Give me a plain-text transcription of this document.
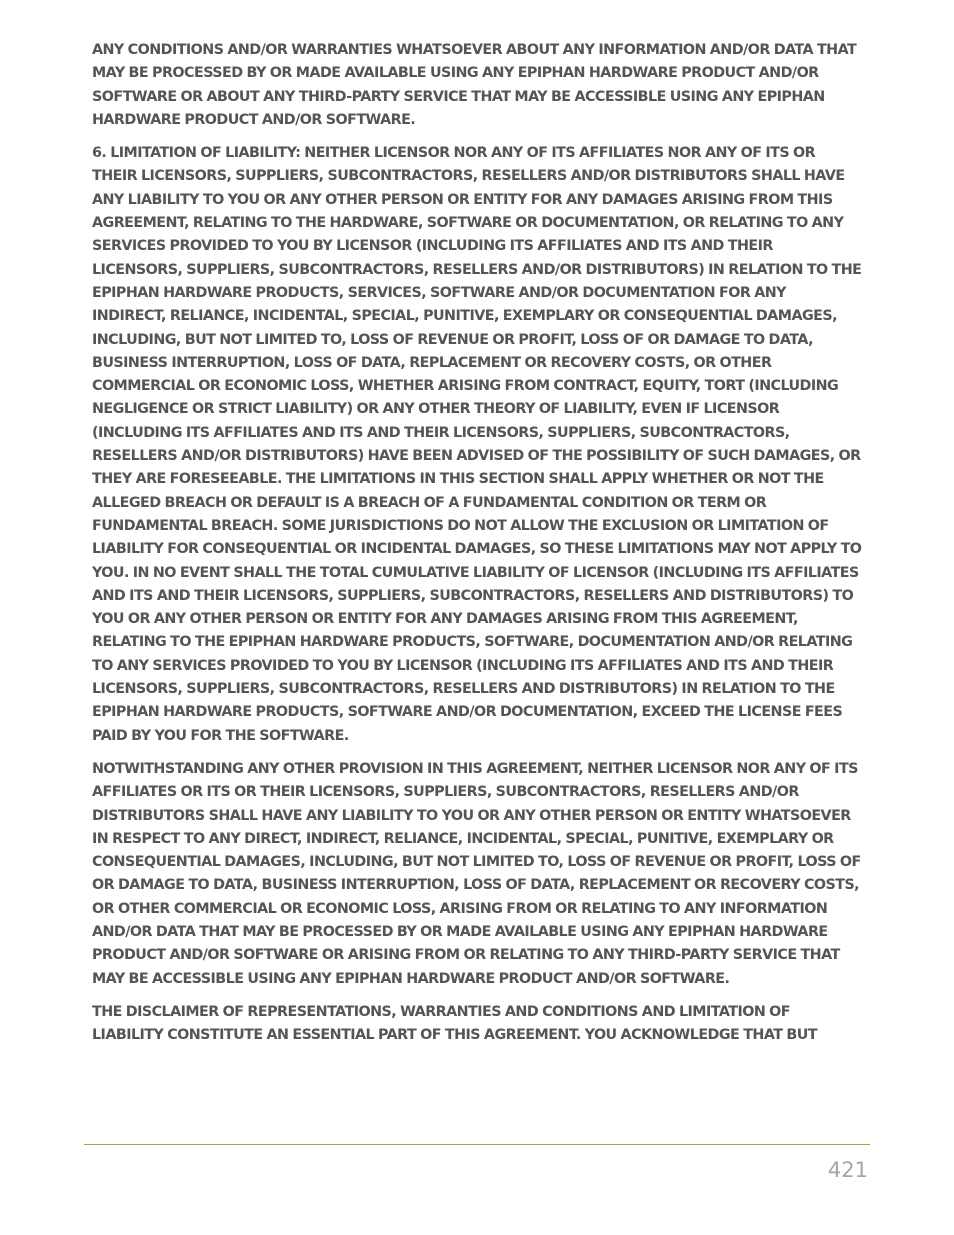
ANY CONDITIONS AND/OR WARRANTIES WHATSOEVER ABOUT ANY INFORMATION AND/OR DATA THAT MAY BE PROCESSED BY OR MADE AVAILABLE USING ANY EPIPHAN HARDWARE PRODUCT AND/OR SOFTWARE OR ABOUT ANY THIRD-PARTY SERVICE THAT MAY BE ACCESSIBLE USING ANY EPIPHAN HARDWARE PRODUCT AND/OR SOFTWARE.

6. LIMITATION OF LIABILITY: NEITHER LICENSOR NOR ANY OF ITS AFFILIATES NOR ANY OF ITS OR THEIR LICENSORS, SUPPLIERS, SUBCONTRACTORS, RESELLERS AND/OR DISTRIBUTORS SHALL HAVE ANY LIABILITY TO YOU OR ANY OTHER PERSON OR ENTITY FOR ANY DAMAGES ARISING FROM THIS AGREEMENT, RELATING TO THE HARDWARE, SOFTWARE OR DOCUMENTATION, OR RELATING TO ANY SERVICES PROVIDED TO YOU BY LICENSOR (INCLUDING ITS AFFILIATES AND ITS AND THEIR LICENSORS, SUPPLIERS, SUBCONTRACTORS, RESELLERS AND/OR DISTRIBUTORS) IN RELATION TO THE EPIPHAN HARDWARE PRODUCTS, SERVICES, SOFTWARE AND/OR DOCUMENTATION FOR ANY INDIRECT, RELIANCE, INCIDENTAL, SPECIAL, PUNITIVE, EXEMPLARY OR CONSEQUENTIAL DAMAGES, INCLUDING, BUT NOT LIMITED TO, LOSS OF REVENUE OR PROFIT, LOSS OF OR DAMAGE TO DATA, BUSINESS INTERRUPTION, LOSS OF DATA, REPLACEMENT OR RECOVERY COSTS, OR OTHER COMMERCIAL OR ECONOMIC LOSS, WHETHER ARISING FROM CONTRACT, EQUITY, TORT (INCLUDING NEGLIGENCE OR STRICT LIABILITY) OR ANY OTHER THEORY OF LIABILITY, EVEN IF LICENSOR (INCLUDING ITS AFFILIATES AND ITS AND THEIR LICENSORS, SUPPLIERS, SUBCONTRACTORS, RESELLERS AND/OR DISTRIBUTORS) HAVE BEEN ADVISED OF THE POSSIBILITY OF SUCH DAMAGES, OR THEY ARE FORESEEABLE. THE LIMITATIONS IN THIS SECTION SHALL APPLY WHETHER OR NOT THE ALLEGED BREACH OR DEFAULT IS A BREACH OF A FUNDAMENTAL CONDITION OR TERM OR FUNDAMENTAL BREACH. SOME JURISDICTIONS DO NOT ALLOW THE EXCLUSION OR LIMITATION OF LIABILITY FOR CONSEQUENTIAL OR INCIDENTAL DAMAGES, SO THESE LIMITATIONS MAY NOT APPLY TO YOU. IN NO EVENT SHALL THE TOTAL CUMULATIVE LIABILITY OF LICENSOR (INCLUDING ITS AFFILIATES AND ITS AND THEIR LICENSORS, SUPPLIERS, SUBCONTRACTORS, RESELLERS AND DISTRIBUTORS) TO YOU OR ANY OTHER PERSON OR ENTITY FOR ANY DAMAGES ARISING FROM THIS AGREEMENT, RELATING TO THE EPIPHAN HARDWARE PRODUCTS, SOFTWARE, DOCUMENTATION AND/OR RELATING TO ANY SERVICES PROVIDED TO YOU BY LICENSOR (INCLUDING ITS AFFILIATES AND ITS AND THEIR LICENSORS, SUPPLIERS, SUBCONTRACTORS, RESELLERS AND DISTRIBUTORS) IN RELATION TO THE EPIPHAN HARDWARE PRODUCTS, SOFTWARE AND/OR DOCUMENTATION, EXCEED THE LICENSE FEES PAID BY YOU FOR THE SOFTWARE.

NOTWITHSTANDING ANY OTHER PROVISION IN THIS AGREEMENT, NEITHER LICENSOR NOR ANY OF ITS AFFILIATES OR ITS OR THEIR LICENSORS, SUPPLIERS, SUBCONTRACTORS, RESELLERS AND/OR DISTRIBUTORS SHALL HAVE ANY LIABILITY TO YOU OR ANY OTHER PERSON OR ENTITY WHATSOEVER IN RESPECT TO ANY DIRECT, INDIRECT, RELIANCE, INCIDENTAL, SPECIAL, PUNITIVE, EXEMPLARY OR CONSEQUENTIAL DAMAGES, INCLUDING, BUT NOT LIMITED TO, LOSS OF REVENUE OR PROFIT, LOSS OF OR DAMAGE TO DATA, BUSINESS INTERRUPTION, LOSS OF DATA, REPLACEMENT OR RECOVERY COSTS, OR OTHER COMMERCIAL OR ECONOMIC LOSS, ARISING FROM OR RELATING TO ANY INFORMATION AND/OR DATA THAT MAY BE PROCESSED BY OR MADE AVAILABLE USING ANY EPIPHAN HARDWARE PRODUCT AND/OR SOFTWARE OR ARISING FROM OR RELATING TO ANY THIRD-PARTY SERVICE THAT MAY BE ACCESSIBLE USING ANY EPIPHAN HARDWARE PRODUCT AND/OR SOFTWARE.

THE DISCLAIMER OF REPRESENTATIONS, WARRANTIES AND CONDITIONS AND LIMITATION OF LIABILITY CONSTITUTE AN ESSENTIAL PART OF THIS AGREEMENT. YOU ACKNOWLEDGE THAT BUT

421
